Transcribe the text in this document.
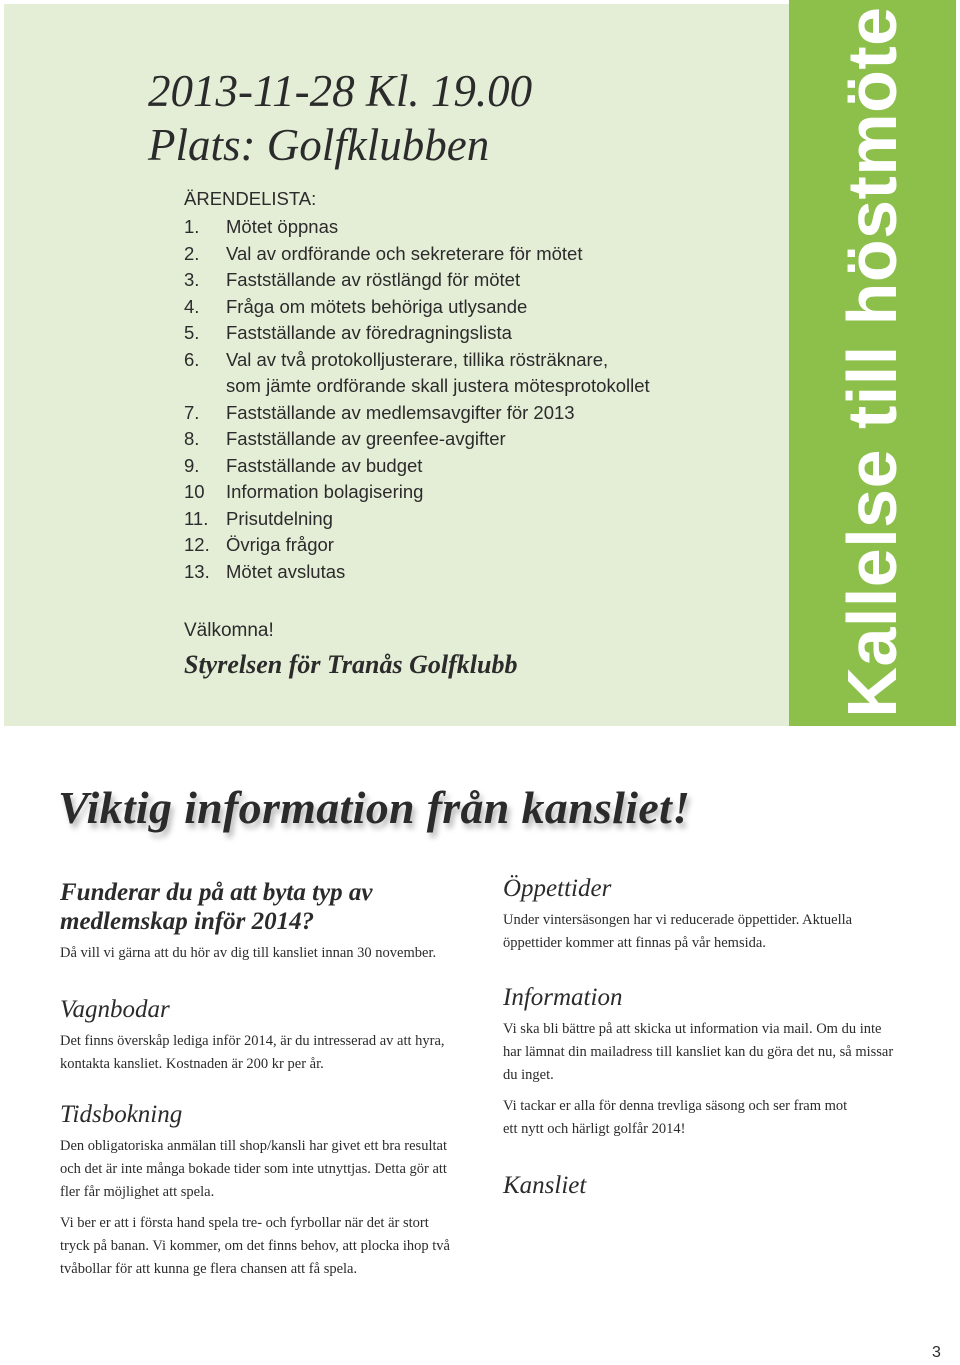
Kallelse till höstmöte
2013-11-28 Kl. 19.00
Plats: Golfklubben
ÄRENDELISTA:
1.	Mötet öppnas
2.	Val av ordförande och sekreterare för mötet
3.	Fastställande av röstlängd för mötet
4.	Fråga om mötets behöriga utlysande
5.	Fastställande av föredragningslista
6.	Val av två protokolljusterare, tillika rösträknare,
som jämte ordförande skall justera mötesprotokollet
7.	Fastställande av medlemsavgifter för 2013
8.	Fastställande av greenfee-avgifter
9.	Fastställande av budget
10	Information bolagisering
11. Prisutdelning
12. Övriga frågor
13. Mötet avslutas
Välkomna!
Styrelsen för Tranås Golfklubb
Viktig information från kansliet!
Funderar du på att byta typ av
medlemskap inför 2014?

Då vill vi gärna att du hör av dig till kansliet innan 30 november.

Vagnbodar

Det finns överskåp lediga inför 2014, är du intresserad av att hyra,
kontakta kansliet. Kostnaden är 200 kr per år.

Tidsbokning

Den obligatoriska anmälan till shop/kansli har givet ett bra resultat
och det är inte många bokade tider som inte utnyttjas. Detta gör att
fler får möjlighet att spela.

Vi ber er att i första hand spela tre- och fyrbollar när det är stort
tryck på banan. Vi kommer, om det finns behov, att plocka ihop två
tvåbollar för att kunna ge flera chansen att få spela.

Öppettider

Under vintersäsongen har vi reducerade öppettider. Aktuella
öppettider kommer att finnas på vår hemsida.

Information

Vi ska bli bättre på att skicka ut information via mail. Om du inte
har lämnat din mailadress till kansliet kan du göra det nu, så missar
du inget.

Vi tackar er alla för denna trevliga säsong och ser fram mot
ett nytt och härligt golfår 2014!

Kansliet
3
